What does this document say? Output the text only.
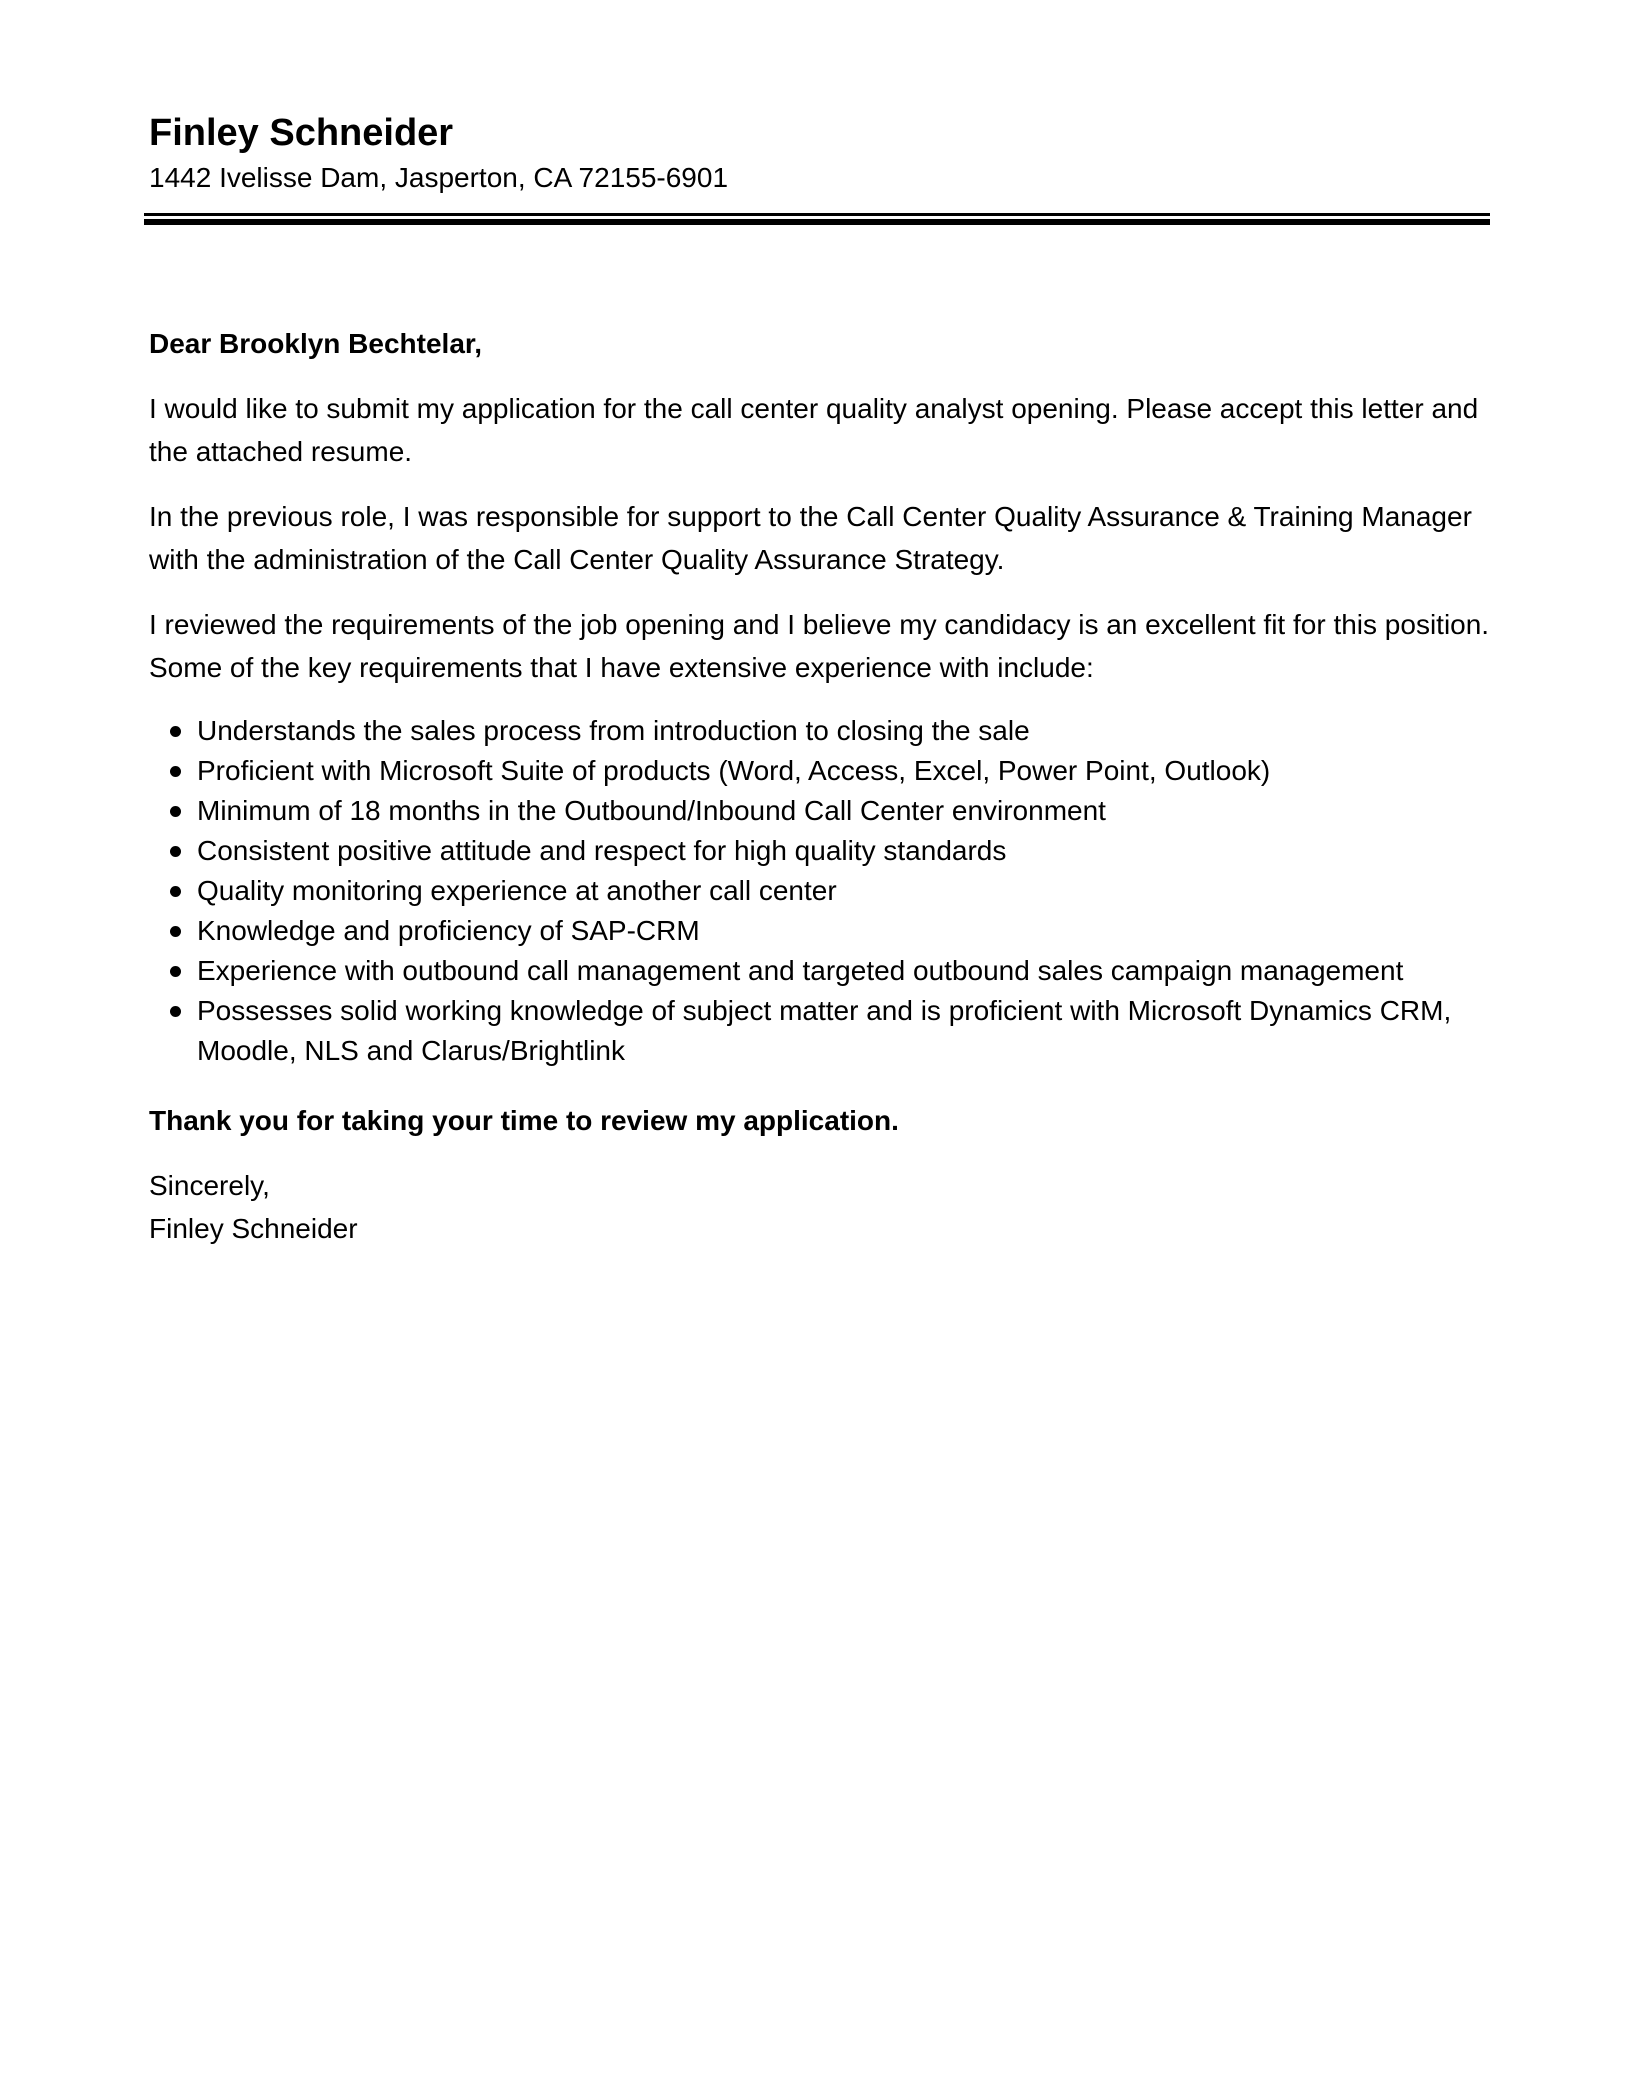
Finley Schneider

1442 Ivelisse Dam, Jasperton, CA 72155-6901

Dear Brooklyn Bechtelar,

I would like to submit my application for the call center quality analyst opening. Please accept this letter and the attached resume.

In the previous role, I was responsible for support to the Call Center Quality Assurance & Training Manager with the administration of the Call Center Quality Assurance Strategy.

I reviewed the requirements of the job opening and I believe my candidacy is an excellent fit for this position. Some of the key requirements that I have extensive experience with include:

Understands the sales process from introduction to closing the sale
Proficient with Microsoft Suite of products (Word, Access, Excel, Power Point, Outlook)
Minimum of 18 months in the Outbound/Inbound Call Center environment
Consistent positive attitude and respect for high quality standards
Quality monitoring experience at another call center
Knowledge and proficiency of SAP-CRM
Experience with outbound call management and targeted outbound sales campaign management
Possesses solid working knowledge of subject matter and is proficient with Microsoft Dynamics CRM, Moodle, NLS and Clarus/Brightlink

Thank you for taking your time to review my application.

Sincerely,

Finley Schneider
